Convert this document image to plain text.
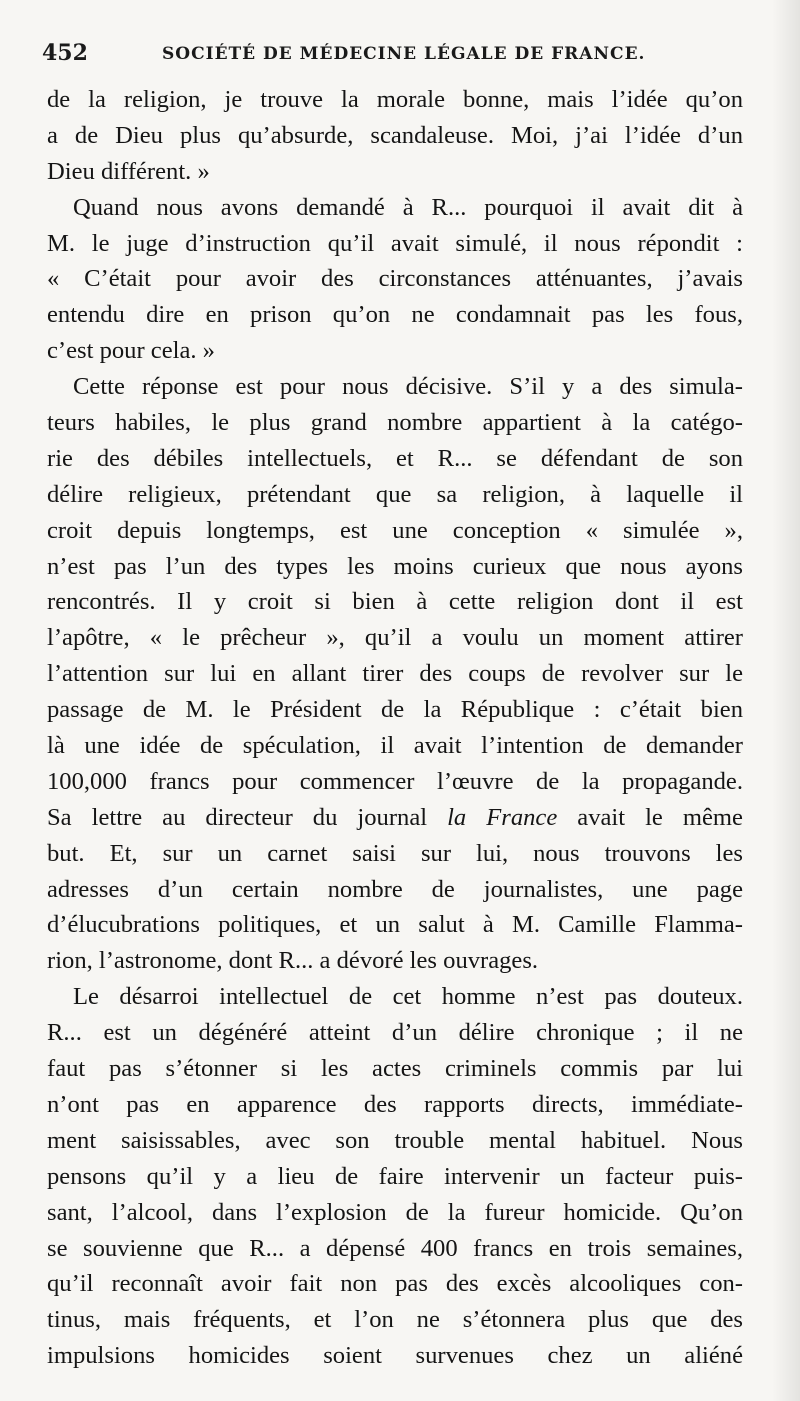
452	SOCIÉTÉ DE MÉDECINE LÉGALE DE FRANCE.
de la religion, je trouve la morale bonne, mais l’idée qu’on
a de Dieu plus qu’absurde, scandaleuse. Moi, j’ai l’idée d’un
Dieu différent. »
Quand nous avons demandé à R... pourquoi il avait dit à
M. le juge d’instruction qu’il avait simulé, il nous répondit :
« C’était pour avoir des circonstances atténuantes, j’avais
entendu dire en prison qu’on ne condamnait pas les fous,
c’est pour cela. »
Cette réponse est pour nous décisive. S’il y a des simula-
teurs habiles, le plus grand nombre appartient à la catégo-
rie des débiles intellectuels, et R... se défendant de son
délire religieux, prétendant que sa religion, à laquelle il
croit depuis longtemps, est une conception « simulée »,
n’est pas l’un des types les moins curieux que nous ayons
rencontrés. Il y croit si bien à cette religion dont il est
l’apôtre, « le prêcheur », qu’il a voulu un moment attirer
l’attention sur lui en allant tirer des coups de revolver sur le
passage de M. le Président de la République : c’était bien
là une idée de spéculation, il avait l’intention de demander
100,000 francs pour commencer l’œuvre de la propagande.
Sa lettre au directeur du journal la France avait le même
but. Et, sur un carnet saisi sur lui, nous trouvons les
adresses d’un certain nombre de journalistes, une page
d’élucubrations politiques, et un salut à M. Camille Flamma-
rion, l’astronome, dont R... a dévoré les ouvrages.
Le désarroi intellectuel de cet homme n’est pas douteux.
R... est un dégénéré atteint d’un délire chronique ; il ne
faut pas s’étonner si les actes criminels commis par lui
n’ont pas en apparence des rapports directs, immédiate-
ment saisissables, avec son trouble mental habituel. Nous
pensons qu’il y a lieu de faire intervenir un facteur puis-
sant, l’alcool, dans l’explosion de la fureur homicide. Qu’on
se souvienne que R... a dépensé 400 francs en trois semaines,
qu’il reconnaît avoir fait non pas des excès alcooliques con-
tinus, mais fréquents, et l’on ne s’étonnera plus que des
impulsions homicides soient survenues chez un aliéné
